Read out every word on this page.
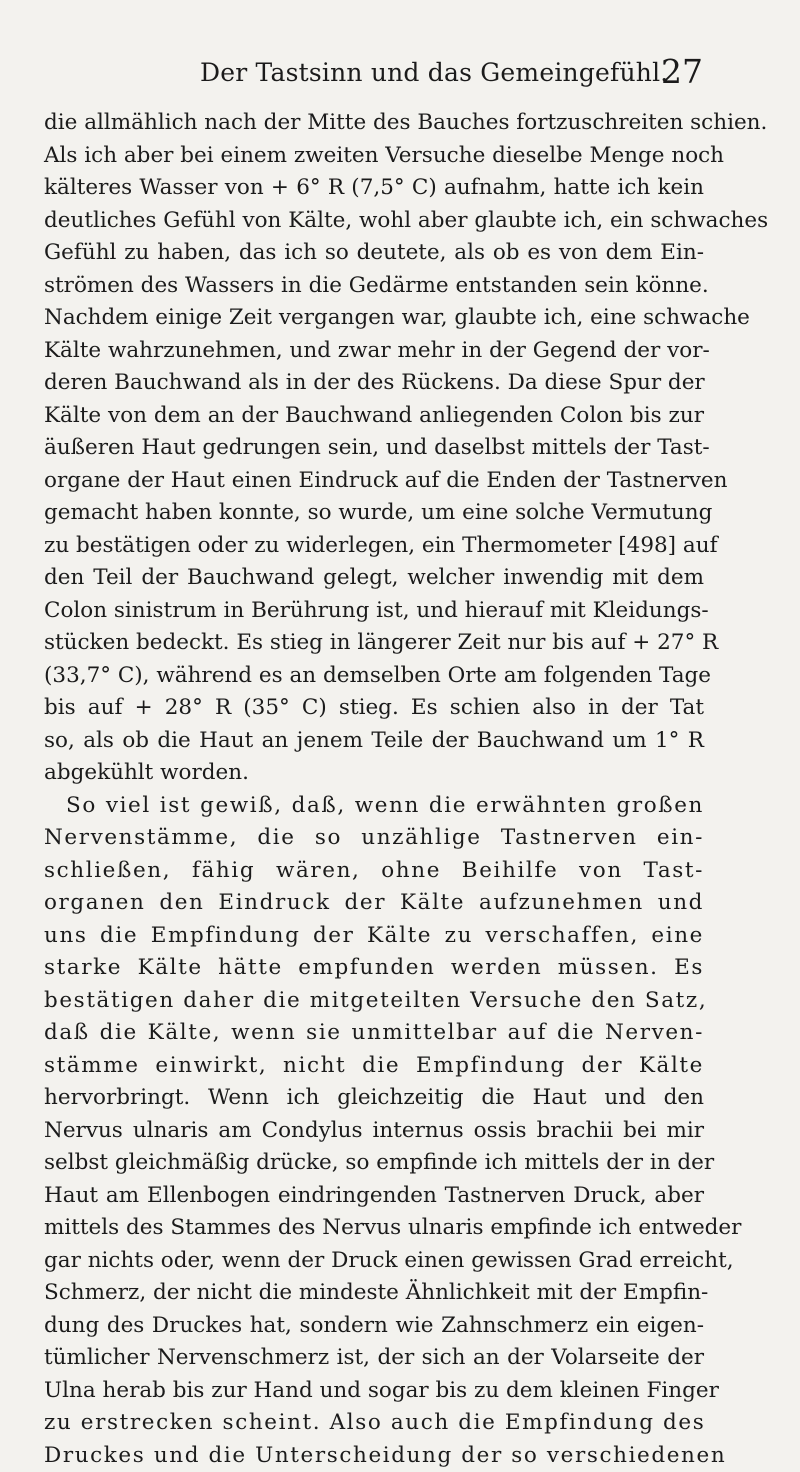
Der Tastsinn und das Gemeingefühl.
27
die allmählich nach der Mitte des Bauches fortzuschreiten schien.
Als ich aber bei einem zweiten Versuche dieselbe Menge noch
kälteres Wasser von + 6° R (7,5° C) aufnahm, hatte ich kein
deutliches Gefühl von Kälte, wohl aber glaubte ich, ein schwaches
Gefühl zu haben, das ich so deutete, als ob es von dem Ein-
strömen des Wassers in die Gedärme entstanden sein könne.
Nachdem einige Zeit vergangen war, glaubte ich, eine schwache
Kälte wahrzunehmen, und zwar mehr in der Gegend der vor-
deren Bauchwand als in der des Rückens. Da diese Spur der
Kälte von dem an der Bauchwand anliegenden Colon bis zur
äußeren Haut gedrungen sein, und daselbst mittels der Tast-
organe der Haut einen Eindruck auf die Enden der Tastnerven
gemacht haben konnte, so wurde, um eine solche Vermutung
zu bestätigen oder zu widerlegen, ein Thermometer [498] auf
den Teil der Bauchwand gelegt, welcher inwendig mit dem
Colon sinistrum in Berührung ist, und hierauf mit Kleidungs-
stücken bedeckt. Es stieg in längerer Zeit nur bis auf + 27° R
(33,7° C), während es an demselben Orte am folgenden Tage
bis auf + 28° R (35° C) stieg. Es schien also in der Tat
so, als ob die Haut an jenem Teile der Bauchwand um 1° R
abgekühlt worden.
So viel ist gewiß, daß, wenn die erwähnten großen
Nervenstämme, die so unzählige Tastnerven ein-
schließen, fähig wären, ohne Beihilfe von Tast-
organen den Eindruck der Kälte aufzunehmen und
uns die Empfindung der Kälte zu verschaffen, eine
starke Kälte hätte empfunden werden müssen. Es
bestätigen daher die mitgeteilten Versuche den Satz,
daß die Kälte, wenn sie unmittelbar auf die Nerven-
stämme einwirkt, nicht die Empfindung der Kälte
hervorbringt. Wenn ich gleichzeitig die Haut und den
Nervus ulnaris am Condylus internus ossis brachii bei mir
selbst gleichmäßig drücke, so empfinde ich mittels der in der
Haut am Ellenbogen eindringenden Tastnerven Druck, aber
mittels des Stammes des Nervus ulnaris empfinde ich entweder
gar nichts oder, wenn der Druck einen gewissen Grad erreicht,
Schmerz, der nicht die mindeste Ähnlichkeit mit der Empfin-
dung des Druckes hat, sondern wie Zahnschmerz ein eigen-
tümlicher Nervenschmerz ist, der sich an der Volarseite der
Ulna herab bis zur Hand und sogar bis zu dem kleinen Finger
zu erstrecken scheint. Also auch die Empfindung des
Druckes und die Unterscheidung der so verschiedenen
